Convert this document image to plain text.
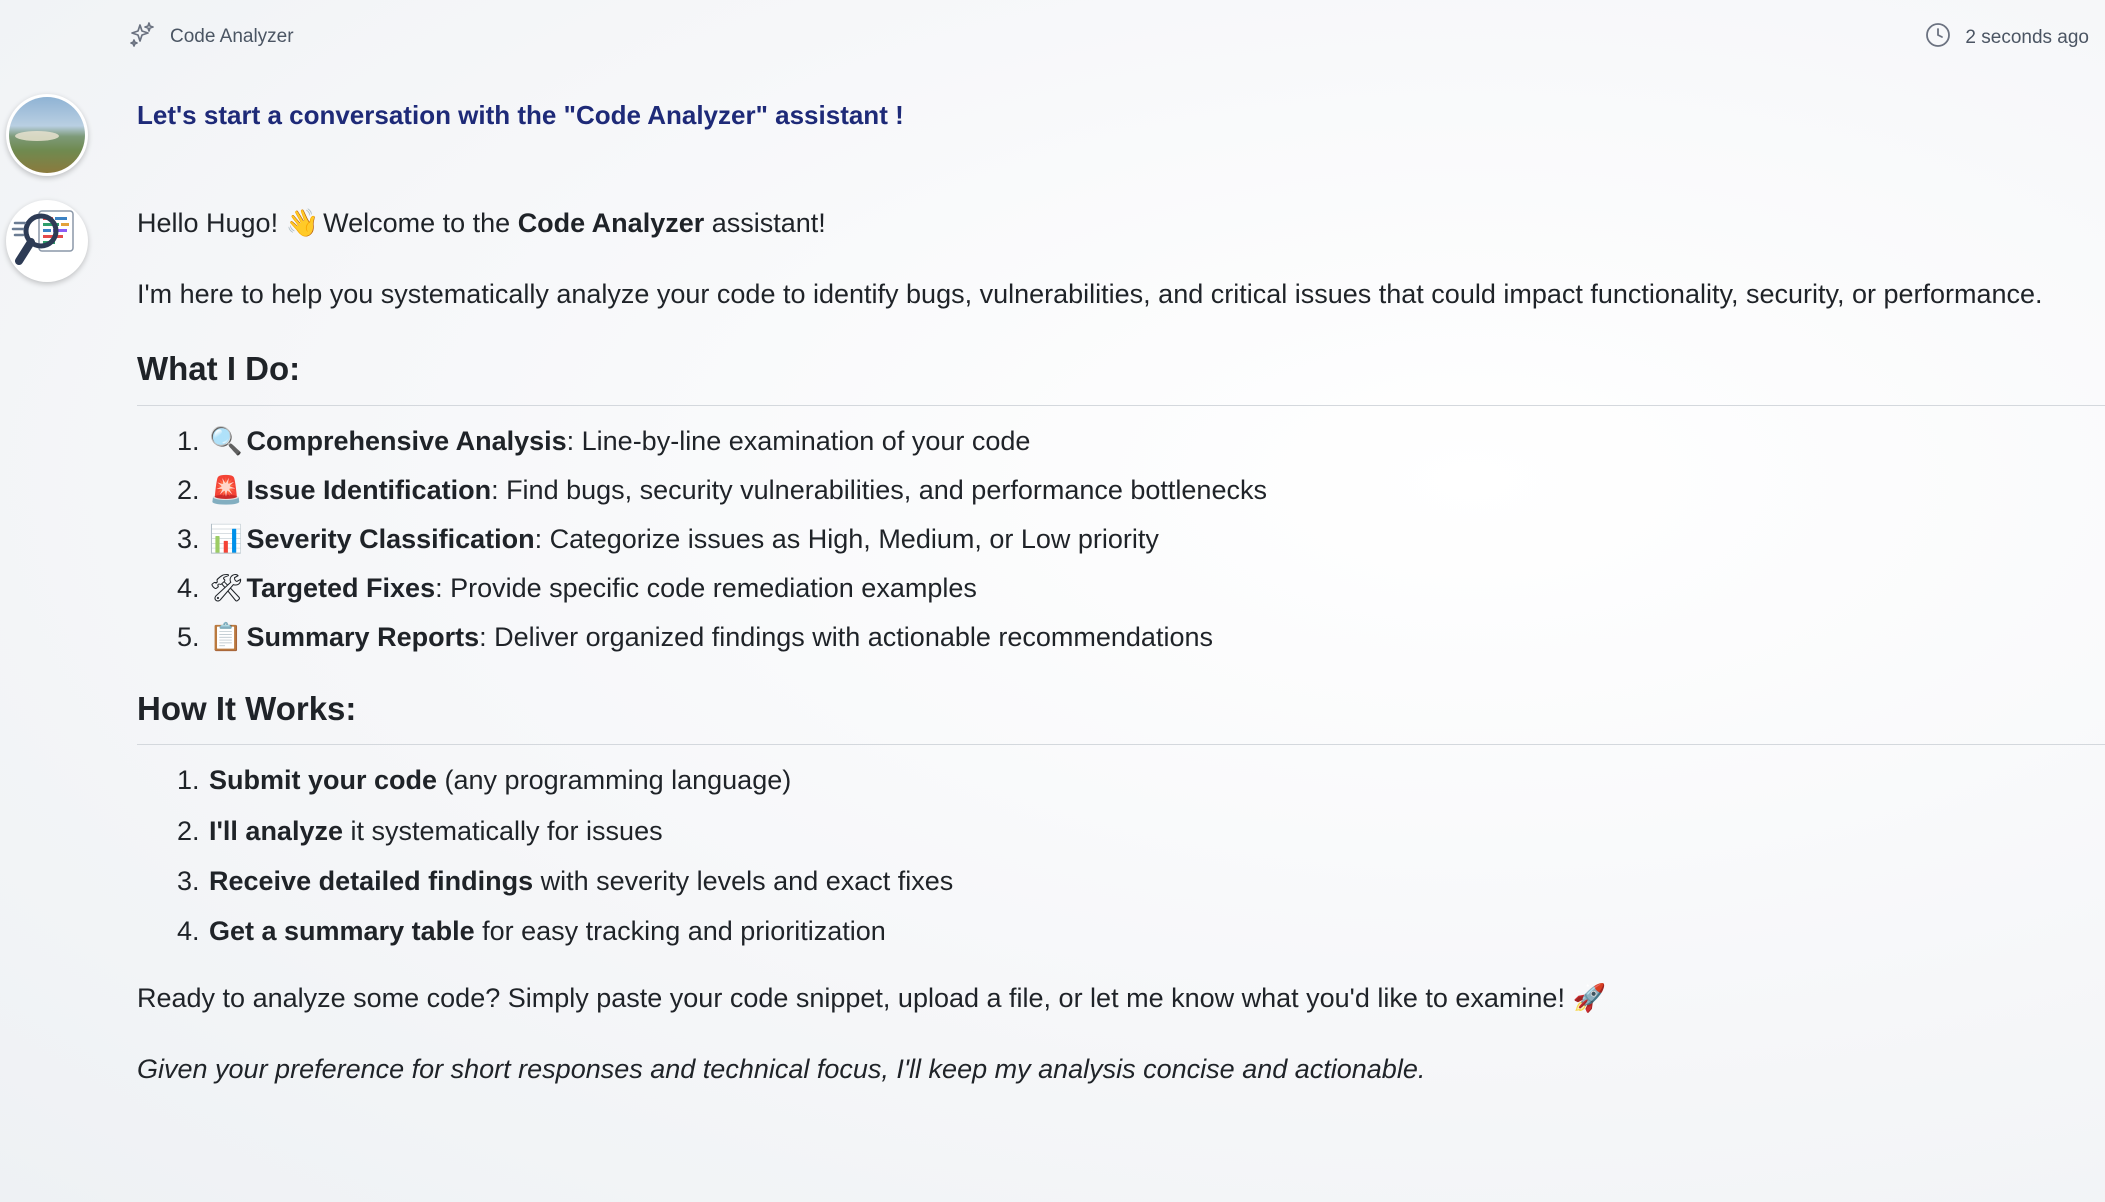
Code Analyzer	2 seconds ago
Let's start a conversation with the "Code Analyzer" assistant !

Hello Hugo! 👋 Welcome to the Code Analyzer assistant!

I'm here to help you systematically analyze your code to identify bugs, vulnerabilities, and critical issues that could impact functionality, security, or performance.

What I Do:
1. 🔍 Comprehensive Analysis: Line-by-line examination of your code
2. 🚨 Issue Identification: Find bugs, security vulnerabilities, and performance bottlenecks
3. 📊 Severity Classification: Categorize issues as High, Medium, or Low priority
4. 🛠 Targeted Fixes: Provide specific code remediation examples
5. 📋 Summary Reports: Deliver organized findings with actionable recommendations
How It Works:
1. Submit your code (any programming language)
2. I'll analyze it systematically for issues
3. Receive detailed findings with severity levels and exact fixes
4. Get a summary table for easy tracking and prioritization

Ready to analyze some code? Simply paste your code snippet, upload a file, or let me know what you'd like to examine! 🚀

Given your preference for short responses and technical focus, I'll keep my analysis concise and actionable.
